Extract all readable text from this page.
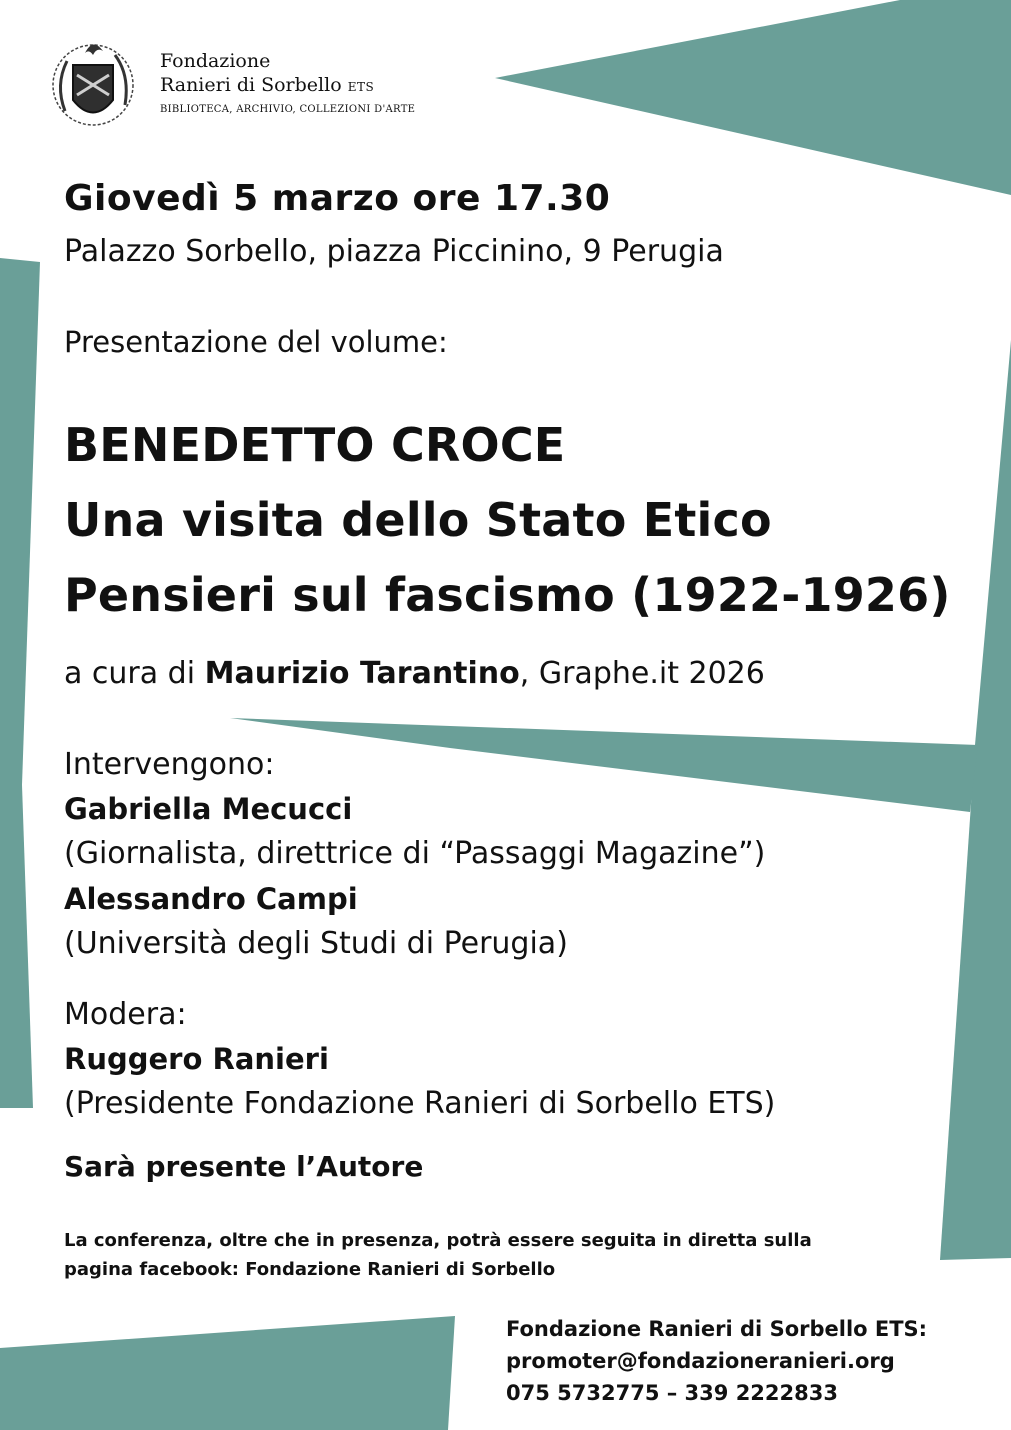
Fondazione
Ranieri di Sorbello ETS
BIBLIOTECA, ARCHIVIO, COLLEZIONI D'ARTE
Giovedì 5 marzo ore 17.30
Palazzo Sorbello, piazza Piccinino, 9 Perugia
Presentazione del volume:
BENEDETTO CROCE
Una visita dello Stato Etico
Pensieri sul fascismo (1922-1926)
a cura di Maurizio Tarantino, Graphe.it 2026
Intervengono:
Gabriella Mecucci
(Giornalista, direttrice di “Passaggi Magazine”)
Alessandro Campi
(Università degli Studi di Perugia)
Modera:
Ruggero Ranieri
(Presidente Fondazione Ranieri di Sorbello ETS)
Sarà presente l’Autore
La conferenza, oltre che in presenza, potrà essere seguita in diretta sulla pagina facebook: Fondazione Ranieri di Sorbello
Fondazione Ranieri di Sorbello ETS:
promoter@fondazioneranieri.org
075 5732775 – 339 2222833
